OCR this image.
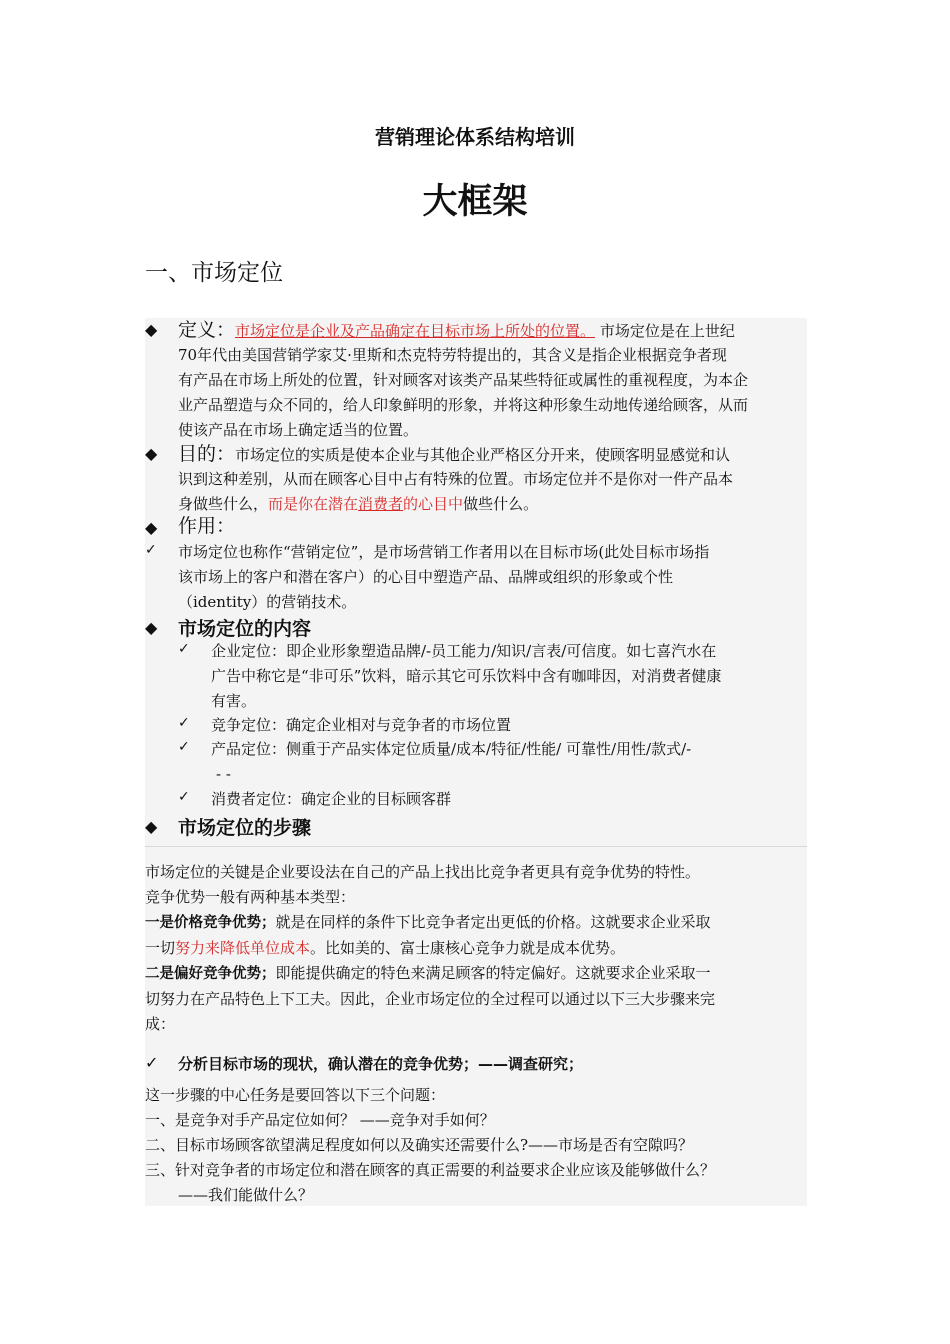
营销理论体系结构培训
大框架
一、市场定位
◆ 定义：市场定位是企业及产品确定在目标市场上所处的位置。 市场定位是在上世纪
70年代由美国营销学家艾·里斯和杰克特劳特提出的，其含义是指企业根据竞争者现
有产品在市场上所处的位置，针对顾客对该类产品某些特征或属性的重视程度，为本企
业产品塑造与众不同的，给人印象鲜明的形象，并将这种形象生动地传递给顾客，从而
使该产品在市场上确定适当的位置。
◆ 目的：市场定位的实质是使本企业与其他企业严格区分开来，使顾客明显感觉和认
识到这种差别，从而在顾客心目中占有特殊的位置。市场定位并不是你对一件产品本
身做些什么，而是你在潜在消费者的心目中做些什么。
◆ 作用：
✓ 市场定位也称作“营销定位”，是市场营销工作者用以在目标市场(此处目标市场指
该市场上的客户和潜在客户）的心目中塑造产品、品牌或组织的形象或个性
（identity）的营销技术。
◆ 市场定位的内容
✓ 企业定位：即企业形象塑造品牌/-员工能力/知识/言表/可信度。如七喜汽水在
广告中称它是“非可乐”饮料，暗示其它可乐饮料中含有咖啡因，对消费者健康
有害。
✓ 竞争定位：确定企业相对与竞争者的市场位置
✓ 产品定位：侧重于产品实体定位质量/成本/特征/性能/ 可靠性/用性/款式/-
- -
✓ 消费者定位：确定企业的目标顾客群
◆ 市场定位的步骤
市场定位的关键是企业要设法在自己的产品上找出比竞争者更具有竞争优势的特性。
竞争优势一般有两种基本类型：
一是价格竞争优势；就是在同样的条件下比竞争者定出更低的价格。这就要求企业采取
一切努力来降低单位成本。比如美的、富士康核心竞争力就是成本优势。
二是偏好竞争优势；即能提供确定的特色来满足顾客的特定偏好。这就要求企业采取一
切努力在产品特色上下工夫。因此，企业市场定位的全过程可以通过以下三大步骤来完
成：
✓ 分析目标市场的现状，确认潜在的竞争优势；——调查研究；
这一步骤的中心任务是要回答以下三个问题：
一、是竞争对手产品定位如何？ ——竞争对手如何？
二、目标市场顾客欲望满足程度如何以及确实还需要什么?——市场是否有空隙吗？
三、针对竞争者的市场定位和潜在顾客的真正需要的利益要求企业应该及能够做什么？
——我们能做什么？
